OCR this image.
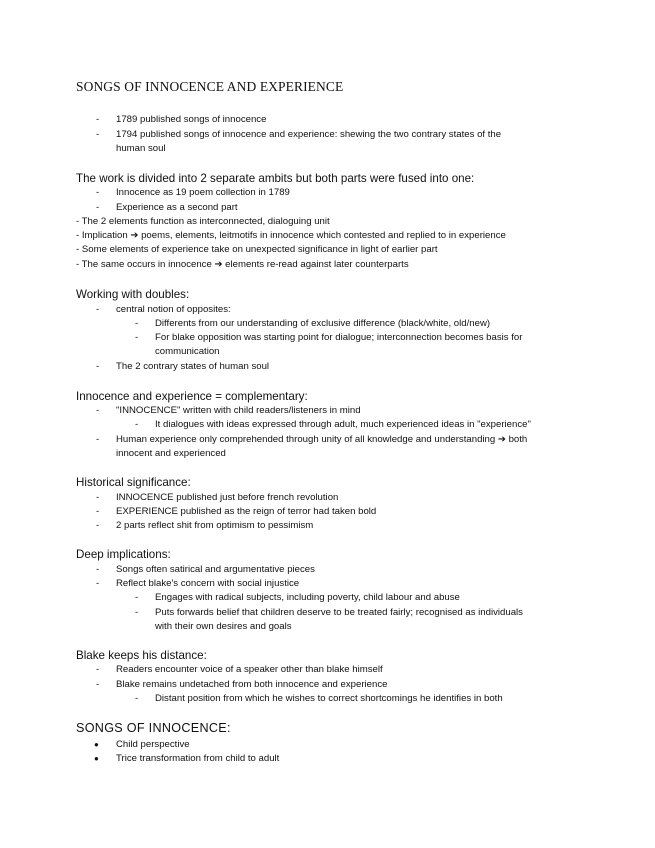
SONGS OF INNOCENCE AND EXPERIENCE
- 1789 published songs of innocence
- 1794 published songs of innocence and experience: shewing the two contrary states of the
human soul
The work is divided into 2 separate ambits but both parts were fused into one:
- Innocence as 19 poem collection in 1789
- Experience as a second part
- The 2 elements function as interconnected, dialoguing unit
- Implication ➔ poems, elements, leitmotifs in innocence which contested and replied to in experience
- Some elements of experience take on unexpected significance in light of earlier part
- The same occurs in innocence ➔ elements re-read against later counterparts
Working with doubles:
- central notion of opposites:
- Differents from our understanding of exclusive difference (black/white, old/new)
- For blake opposition was starting point for dialogue; interconnection becomes basis for
communication
- The 2 contrary states of human soul
Innocence and experience = complementary:
- "INNOCENCE" written with child readers/listeners in mind
- It dialogues with ideas expressed through adult, much experienced ideas in "experience"
- Human experience only comprehended through unity of all knowledge and understanding ➔ both
innocent and experienced
Historical significance:
- INNOCENCE published just before french revolution
- EXPERIENCE published as the reign of terror had taken bold
- 2 parts reflect shit from optimism to pessimism
Deep implications:
- Songs often satirical and argumentative pieces
- Reflect blake's concern with social injustice
- Engages with radical subjects, including poverty, child labour and abuse
- Puts forwards belief that children deserve to be treated fairly; recognised as individuals
with their own desires and goals
Blake keeps his distance:
- Readers encounter voice of a speaker other than blake himself
- Blake remains undetached from both innocence and experience
- Distant position from which he wishes to correct shortcomings he identifies in both
SONGS OF INNOCENCE:
● Child perspective
● Trice transformation from child to adult
